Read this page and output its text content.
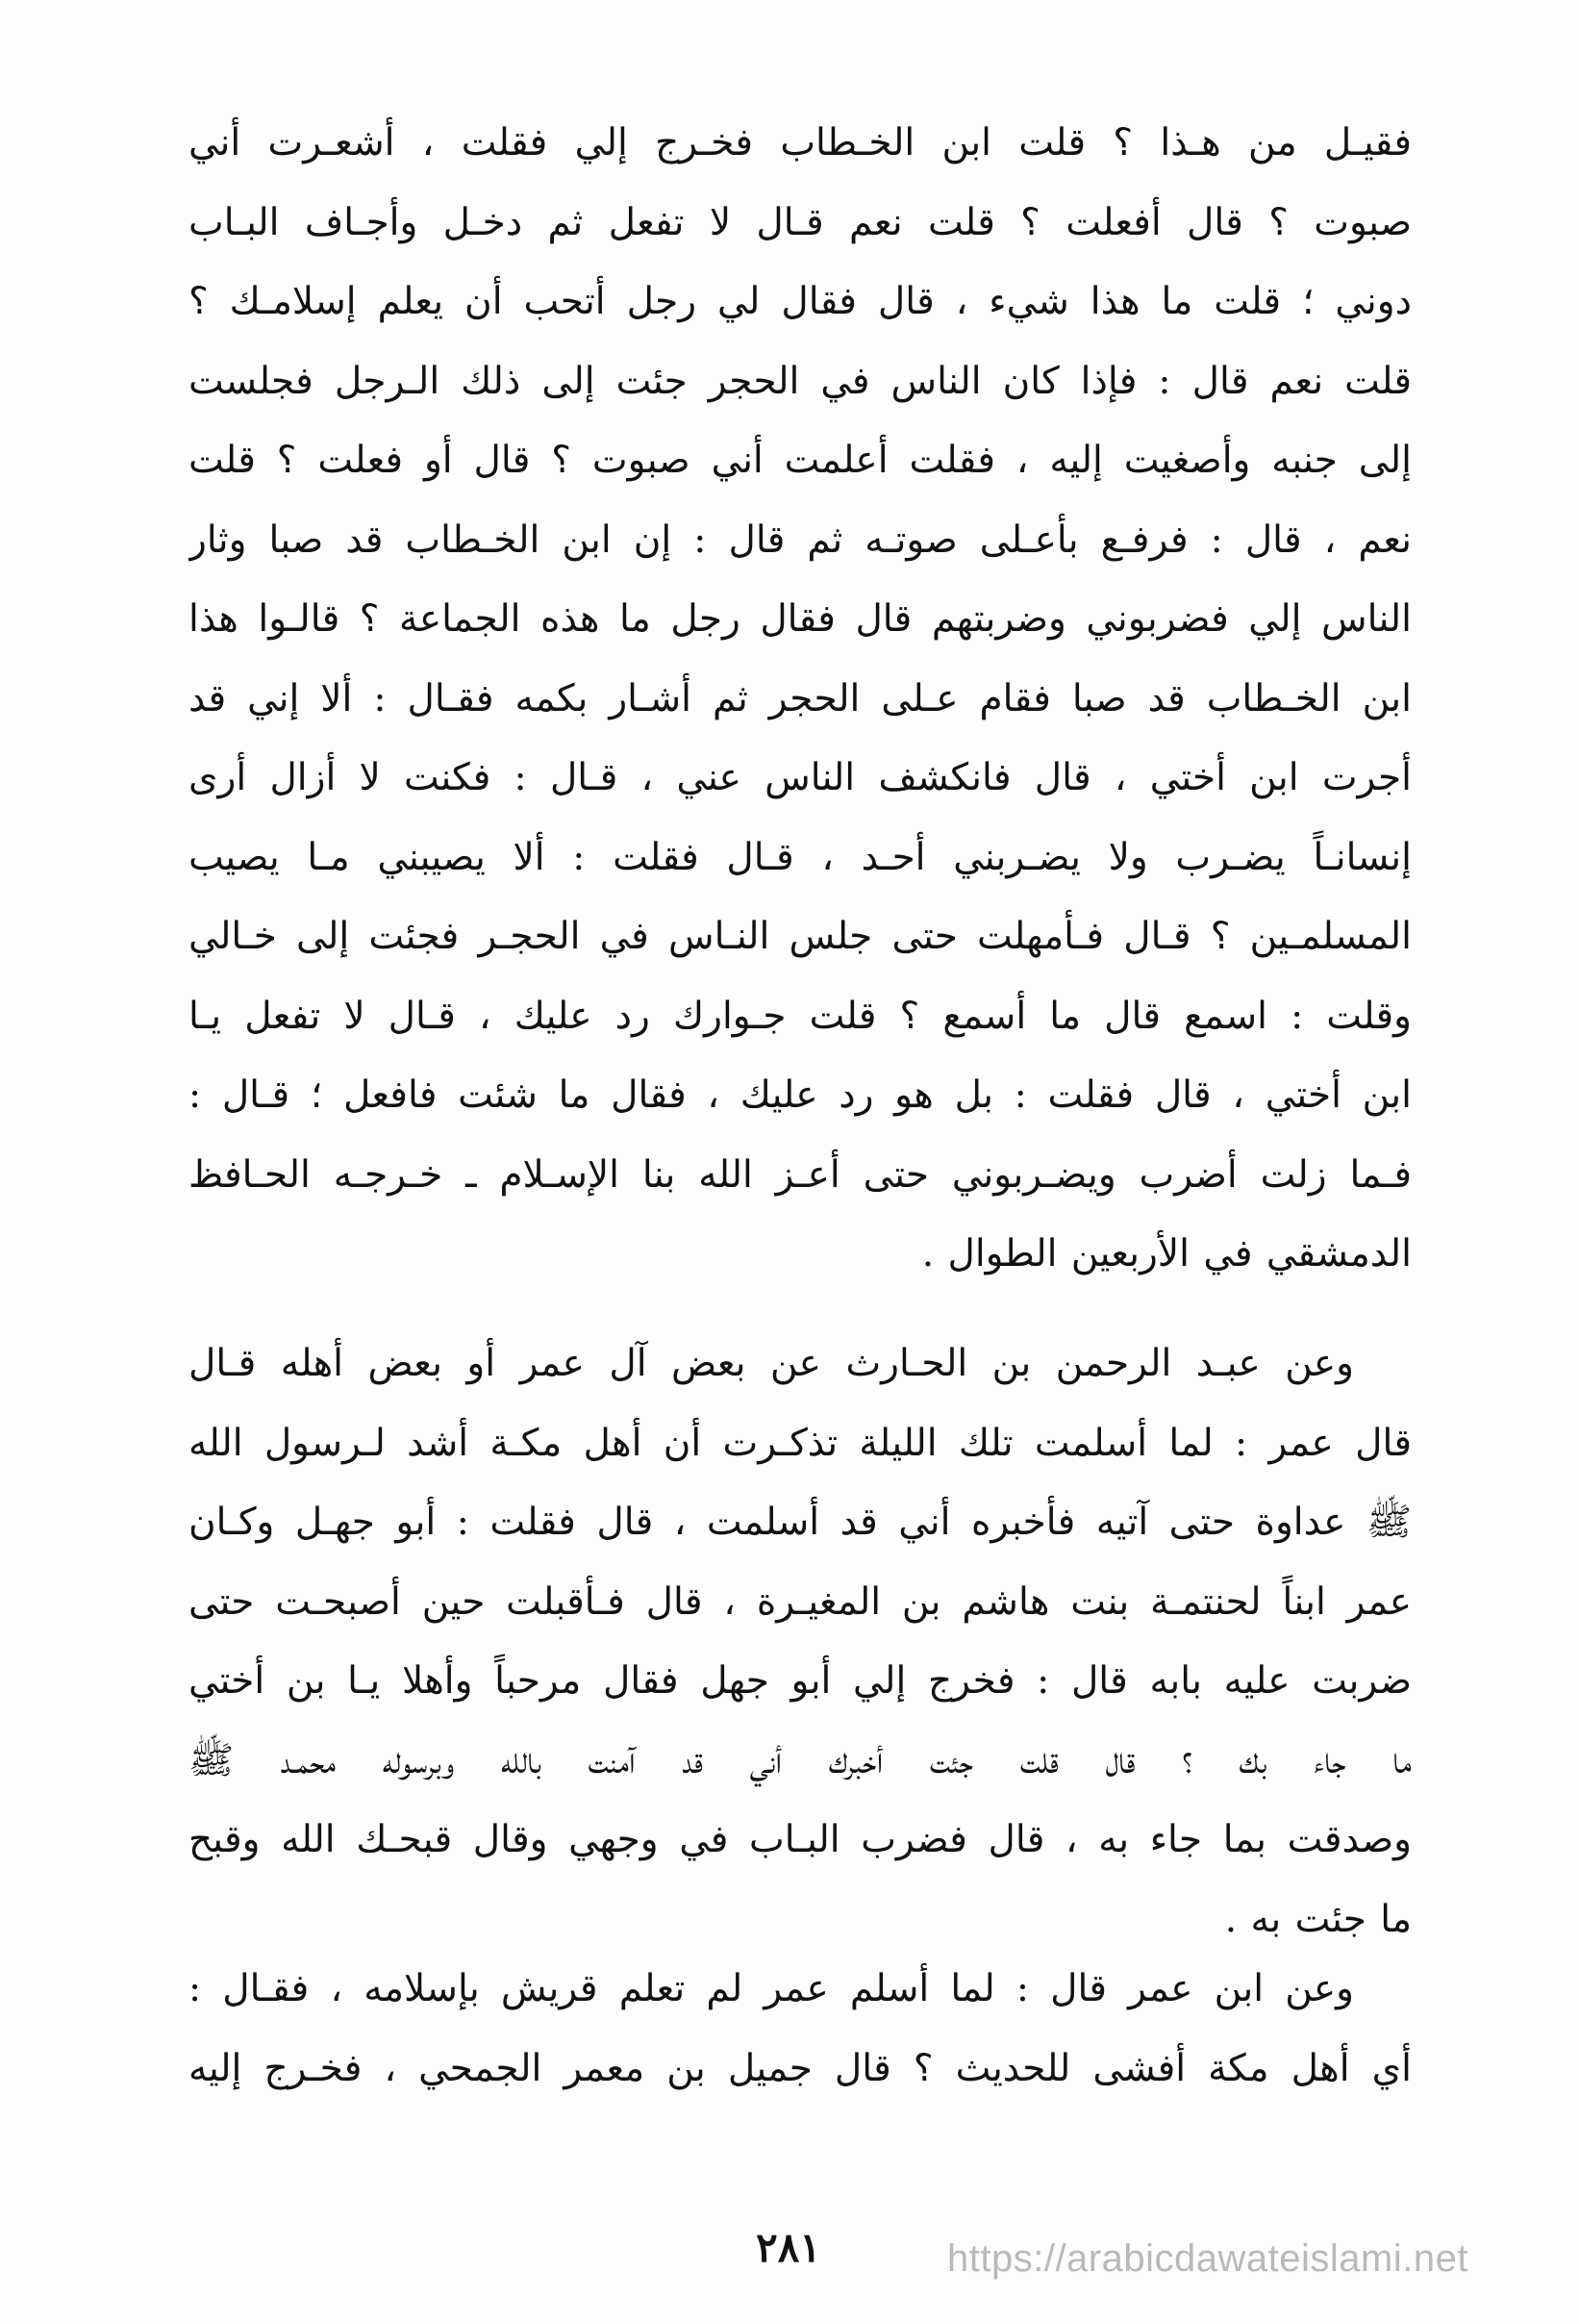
فقيـل من هـذا ؟ قلت ابن الخـطاب فخـرج إلي فقلت ، أشعـرت أني
صبوت ؟ قال أفعلت ؟ قلت نعم قـال لا تفعل ثم دخـل وأجـاف البـاب
دوني ؛ قلت ما هذا شيء ، قال فقال لي رجل أتحب أن يعلم إسلامـك ؟
قلت نعم قال : فإذا كان الناس في الحجر جئت إلى ذلك الـرجل فجلست
إلى جنبه وأصغيت إليه ، فقلت أعلمت أني صبوت ؟ قال أو فعلت ؟ قلت
نعم ، قال : فرفـع بأعـلى صوتـه ثم قال : إن ابن الخـطاب قد صبا وثار
الناس إلي فضربوني وضربتهم قال فقال رجل ما هذه الجماعة ؟ قالـوا هذا
ابن الخـطاب قد صبا فقام عـلى الحجر ثم أشـار بكمه فقـال : ألا إني قد
أجرت ابن أختي ، قال فانكشف الناس عني ، قـال : فكنت لا أزال أرى
إنسانـاً يضـرب ولا يضـربني أحـد ، قـال فقلت : ألا يصيبني مـا يصيب
المسلمـين ؟ قـال فـأمهلت حتى جلس النـاس في الحجـر فجئت إلى خـالي
وقلت : اسمع قال ما أسمع ؟ قلت جـوارك رد عليك ، قـال لا تفعل يـا
ابن أختي ، قال فقلت : بل هو رد عليك ، فقال ما شئت فافعل ؛ قـال :
فـما زلت أضرب ويضـربوني حتى أعـز الله بنا الإسـلام ـ خـرجـه الحـافظ
الدمشقي في الأربعين الطوال .
وعن عبـد الرحمن بن الحـارث عن بعض آل عمر أو بعض أهله قـال
قال عمر : لما أسلمت تلك الليلة تذكـرت أن أهل مكـة أشد لـرسول الله
ﷺ عداوة حتى آتيه فأخبره أني قد أسلمت ، قال فقلت : أبو جهـل وكـان
عمر ابناً لحنتمـة بنت هاشم بن المغيـرة ، قال فـأقبلت حين أصبحـت حتى
ضربت عليه بابه قال : فخرج إلي أبو جهل فقال مرحباً وأهلا يـا بن أختي
ما جاء بك ؟ قال قلت جئت أخبرك أني قد آمنت بالله وبرسوله محمـد ﷺ
وصدقت بما جاء به ، قال فضرب البـاب في وجهي وقال قبحـك الله وقبح
ما جئت به .
وعن ابن عمر قال : لما أسلم عمر لم تعلم قريش بإسلامه ، فقـال :
أي أهل مكة أفشى للحديث ؟ قال جميل بن معمر الجمحي ، فخـرج إليه
٢٨١	https://arabicdawateislami.net
